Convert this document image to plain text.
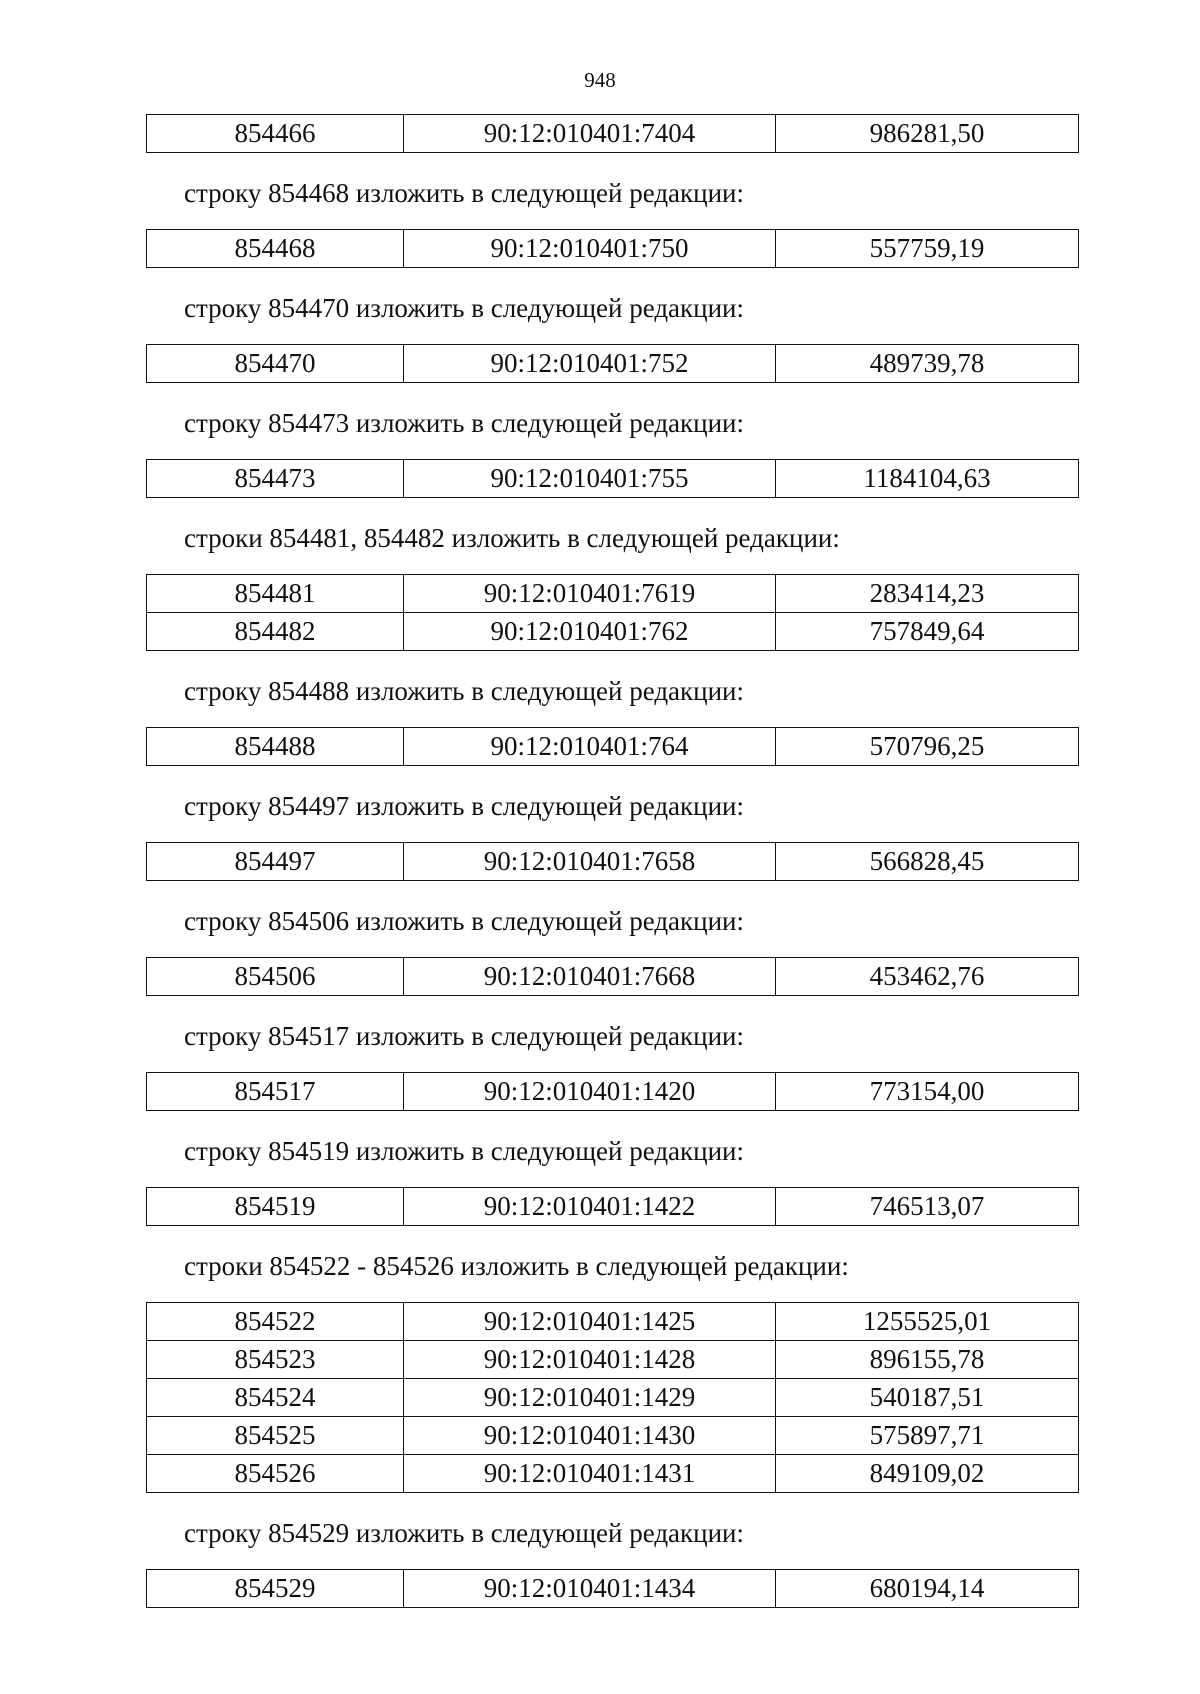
948
854466	90:12:010401:7404	986281,50
строку 854468 изложить в следующей редакции:
854468	90:12:010401:750	557759,19
строку 854470 изложить в следующей редакции:
854470	90:12:010401:752	489739,78
строку 854473 изложить в следующей редакции:
854473	90:12:010401:755	1184104,63
строки 854481, 854482 изложить в следующей редакции:
854481	90:12:010401:7619	283414,23
854482	90:12:010401:762	757849,64
строку 854488 изложить в следующей редакции:
854488	90:12:010401:764	570796,25
строку 854497 изложить в следующей редакции:
854497	90:12:010401:7658	566828,45
строку 854506 изложить в следующей редакции:
854506	90:12:010401:7668	453462,76
строку 854517 изложить в следующей редакции:
854517	90:12:010401:1420	773154,00
строку 854519 изложить в следующей редакции:
854519	90:12:010401:1422	746513,07
строки 854522 - 854526 изложить в следующей редакции:
854522	90:12:010401:1425	1255525,01
854523	90:12:010401:1428	896155,78
854524	90:12:010401:1429	540187,51
854525	90:12:010401:1430	575897,71
854526	90:12:010401:1431	849109,02
строку 854529 изложить в следующей редакции:
854529	90:12:010401:1434	680194,14
